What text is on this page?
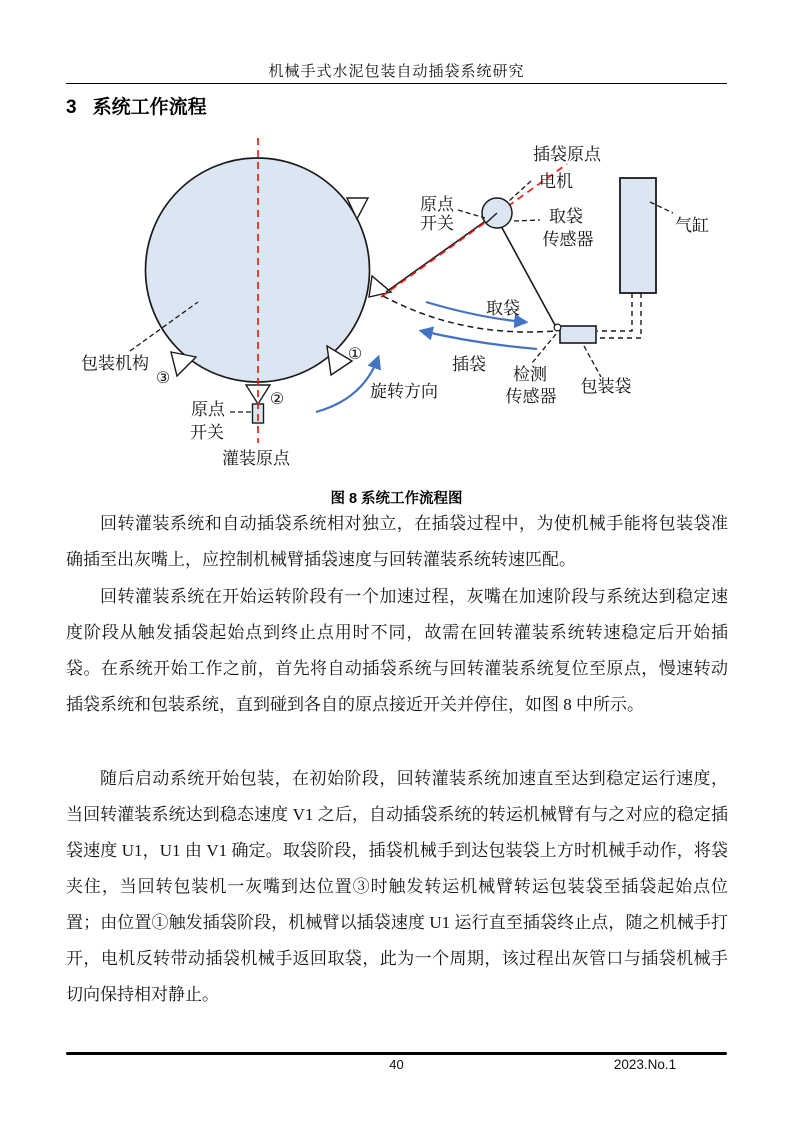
机械手式水泥包装自动插袋系统研究
3 系统工作流程
插袋原点
电机
原点
开关	取袋
传感器
气缸
取袋
插袋
旋转方向
检测
传感器
包装袋
包装机构
原点
开关
灌装原点
①
②
③
图 8 系统工作流程图

回转灌装系统和自动插袋系统相对独立，在插袋过程中，为使机械手能将包装袋准确插至出灰嘴上，应控制机械臂插袋速度与回转灌装系统转速匹配。

回转灌装系统在开始运转阶段有一个加速过程，灰嘴在加速阶段与系统达到稳定速度阶段从触发插袋起始点到终止点用时不同，故需在回转灌装系统转速稳定后开始插袋。在系统开始工作之前，首先将自动插袋系统与回转灌装系统复位至原点，慢速转动插袋系统和包装系统，直到碰到各自的原点接近开关并停住，如图 8 中所示。

随后启动系统开始包装，在初始阶段，回转灌装系统加速直至达到稳定运行速度，当回转灌装系统达到稳态速度 V1 之后，自动插袋系统的转运机械臂有与之对应的稳定插袋速度 U1，U1 由 V1 确定。取袋阶段，插袋机械手到达包装袋上方时机械手动作，将袋夹住，当回转包装机一灰嘴到达位置③时触发转运机械臂转运包装袋至插袋起始点位置；由位置①触发插袋阶段，机械臂以插袋速度 U1 运行直至插袋终止点，随之机械手打开，电机反转带动插袋机械手返回取袋，此为一个周期，该过程出灰管口与插袋机械手切向保持相对静止。

40	2023.No.1
